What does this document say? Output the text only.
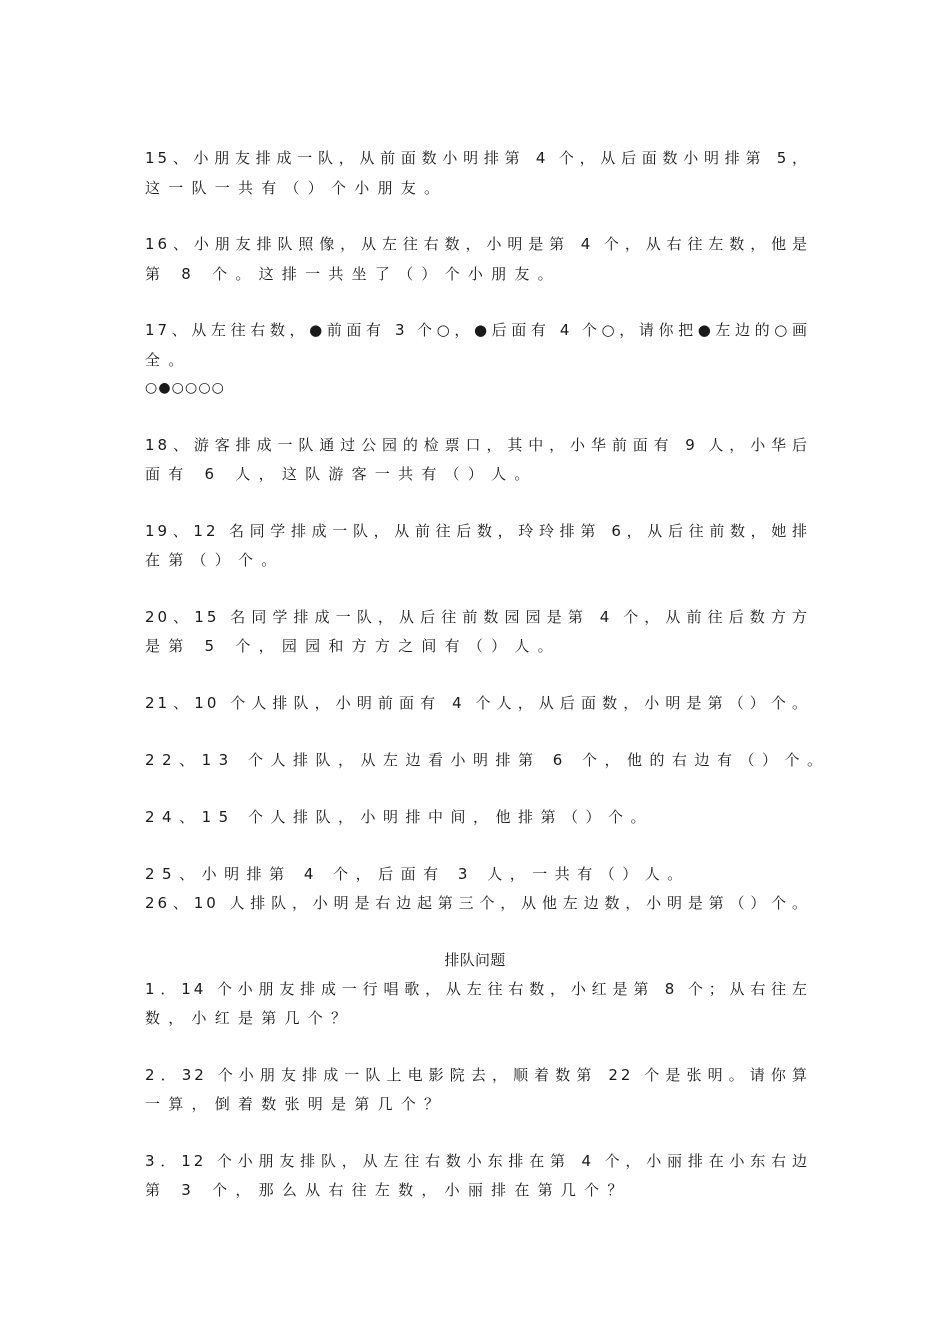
15、小朋友排成一队，从前面数小明排第 4 个，从后面数小明排第 5，
这一队一共有（）个小朋友。
16、小朋友排队照像，从左往右数，小明是第 4 个，从右往左数，他是
第 8 个。这排一共坐了（）个小朋友。
17、从左往右数，●前面有 3 个○，●后面有 4 个○，请你把●左边的○画
全。
○●○○○○
18、游客排成一队通过公园的检票口，其中，小华前面有 9 人，小华后
面有 6 人，这队游客一共有（）人。
19、12 名同学排成一队，从前往后数，玲玲排第 6，从后往前数，她排
在第（）个。
20、15 名同学排成一队，从后往前数园园是第 4 个，从前往后数方方
是第 5 个，园园和方方之间有（）人。
21、10 个人排队，小明前面有 4 个人，从后面数，小明是第（）个。
22、13 个人排队，从左边看小明排第 6 个，他的右边有（）个。
24、15 个人排队，小明排中间，他排第（）个。
25、小明排第 4 个，后面有 3 人，一共有（）人。
26、10 人排队，小明是右边起第三个，从他左边数，小明是第（）个。
排队问题
1．14 个小朋友排成一行唱歌，从左往右数，小红是第 8 个；从右往左
数，小红是第几个？
2．32 个小朋友排成一队上电影院去，顺着数第 22 个是张明。请你算
一算，倒着数张明是第几个？
3．12 个小朋友排队，从左往右数小东排在第 4 个，小丽排在小东右边
第 3 个，那么从右往左数，小丽排在第几个？
